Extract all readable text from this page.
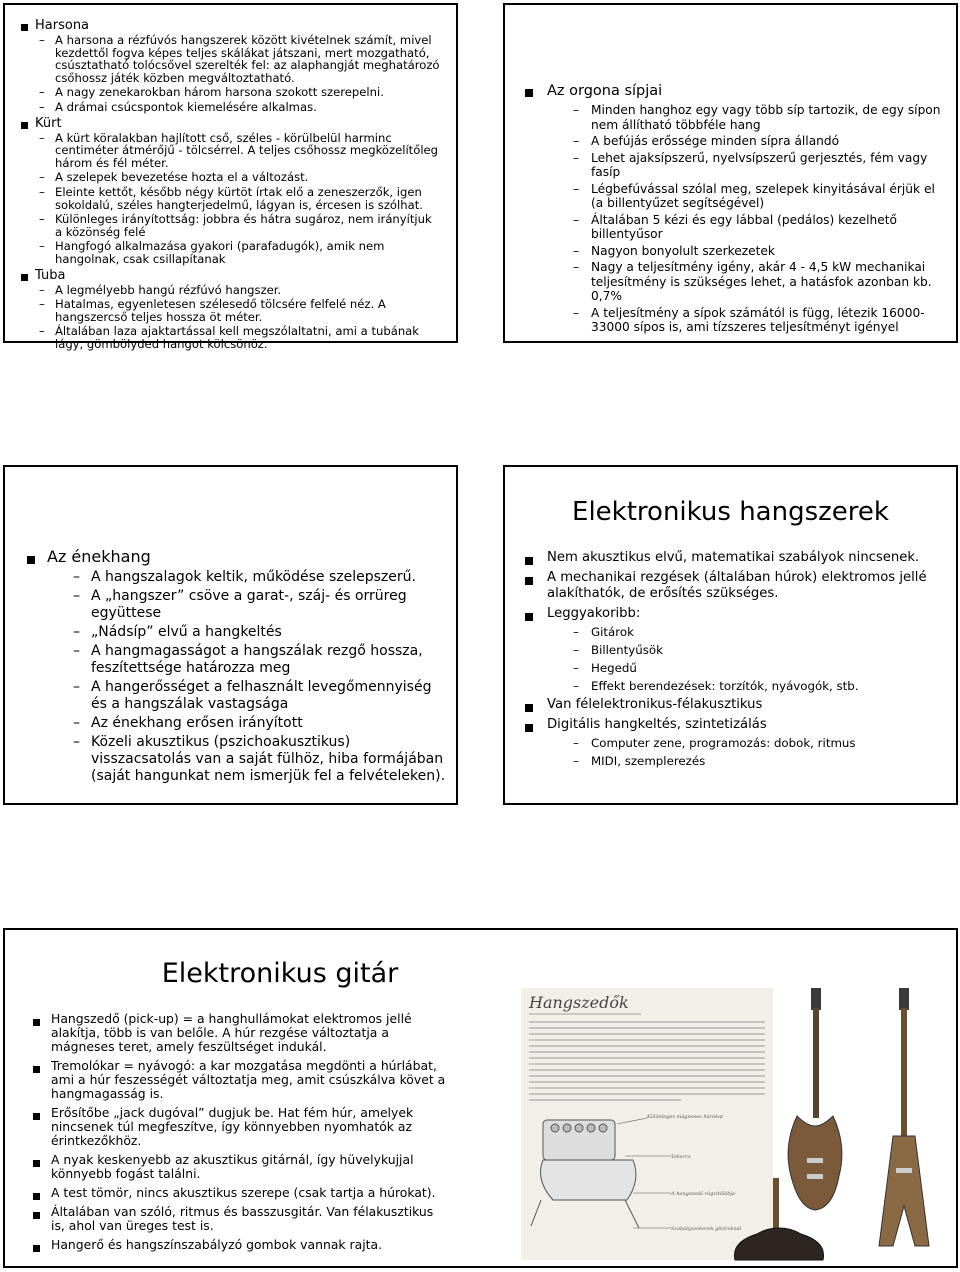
Harsona
– A harsona a rézfúvós hangszerek között kivételnek számít, mivel kezdettől fogva képes teljes skálákat játszani, mert mozgatható, csúsztatható tolócsővel szerelték fel: az alaphangját meghatározó csőhossz játék közben megváltoztatható.
– A nagy zenekarokban három harsona szokott szerepelni.
– A drámai csúcspontok kiemelésére alkalmas.
Kürt
– A kürt köralakban hajlított cső, széles - körülbelül harminc centiméter átmérőjű - tölcsérrel. A teljes csőhossz megközelítőleg három és fél méter.
– A szelepek bevezetése hozta el a változást.
– Eleinte kettőt, később négy kürtöt írtak elő a zeneszerzők, igen sokoldalú, széles hangterjedelmű, lágyan is, ércesen is szólhat.
– Különleges irányítottság: jobbra és hátra sugároz, nem irányítjuk a közönség felé
– Hangfogó alkalmazása gyakori (parafadugók), amik nem hangolnak, csak csillapítanak
Tuba
– A legmélyebb hangú rézfúvó hangszer.
– Hatalmas, egyenletesen szélesedő tölcsére felfelé néz. A hangszercső teljes hossza öt méter.
– Általában laza ajaktartással kell megszólaltatni, ami a tubának lágy, gömbölyded hangot kölcsönöz.
Az orgona sípjai
– Minden hanghoz egy vagy több síp tartozik, de egy sípon nem állítható többféle hang
– A befújás erőssége minden sípra állandó
– Lehet ajaksípszerű, nyelvsípszerű gerjesztés, fém vagy fasíp
– Légbefúvással szólal meg, szelepek kinyitásával érjük el (a billentyűzet segítségével)
– Általában 5 kézi és egy lábbal (pedálos) kezelhető billentyűsor
– Nagyon bonyolult szerkezetek
– Nagy a teljesítmény igény, akár 4 - 4,5 kW mechanikai teljesítmény is szükséges lehet, a hatásfok azonban kb. 0,7%
– A teljesítmény a sípok számától is függ, létezik 16000-33000 sípos is, ami tízszeres teljesítményt igényel
Az énekhang
– A hangszalagok keltik, működése szelepszerű.
– A „hangszer” csöve a garat-, száj- és orrüreg együttese
– „Nádsíp” elvű a hangkeltés
– A hangmagasságot a hangszálak rezgő hossza, feszítettsége határozza meg
– A hangerősséget a felhasznált levegőmennyiség és a hangszálak vastagsága
– Az énekhang erősen irányított
– Közeli akusztikus (pszichoakusztikus) visszacsatolás van a saját fülhöz, hiba formájában (saját hangunkat nem ismerjük fel a felvételeken).
Elektronikus hangszerek
Nem akusztikus elvű, matematikai szabályok nincsenek.
A mechanikai rezgések (általában húrok) elektromos jellé alakíthatók, de erősítés szükséges.
Leggyakoribb:
– Gitárok
– Billentyűsök
– Hegedű
– Effekt berendezések: torzítók, nyávogók, stb.
Van félelektronikus-félakusztikus
Digitális hangkeltés, szintetizálás
– Computer zene, programozás: dobok, ritmus
– MIDI, szemplerezés
Elektronikus gitár
Hangszedő (pick-up) = a hanghullámokat elektromos jellé alakítja, több is van belőle. A húr rezgése változtatja a mágneses teret, amely feszültséget indukál.
Tremolókar = nyávogó: a kar mozgatása megdönti a húrlábat, ami a húr feszességét változtatja meg, amit csúszkálva követ a hangmagasság is.
Erősítőbe „jack dugóval” dugjuk be. Hat fém húr, amelyek nincsenek túl megfeszítve, így könnyebben nyomhatók az érintkezőkhöz.
A nyak keskenyebb az akusztikus gitárnál, így hüvelykujjal könnyebb fogást találni.
A test tömör, nincs akusztikus szerepe (csak tartja a húrokat).
Általában van szóló, ritmus és basszusgitár. Van félakusztikus is, ahol van üreges test is.
Hangerő és hangszínszabályzó gombok vannak rajta.
Hangszedők
Különleges mágneses húrokat
Tekercs
A hangszedő rögzítőlábja
Szabályozókerek gitároknál
